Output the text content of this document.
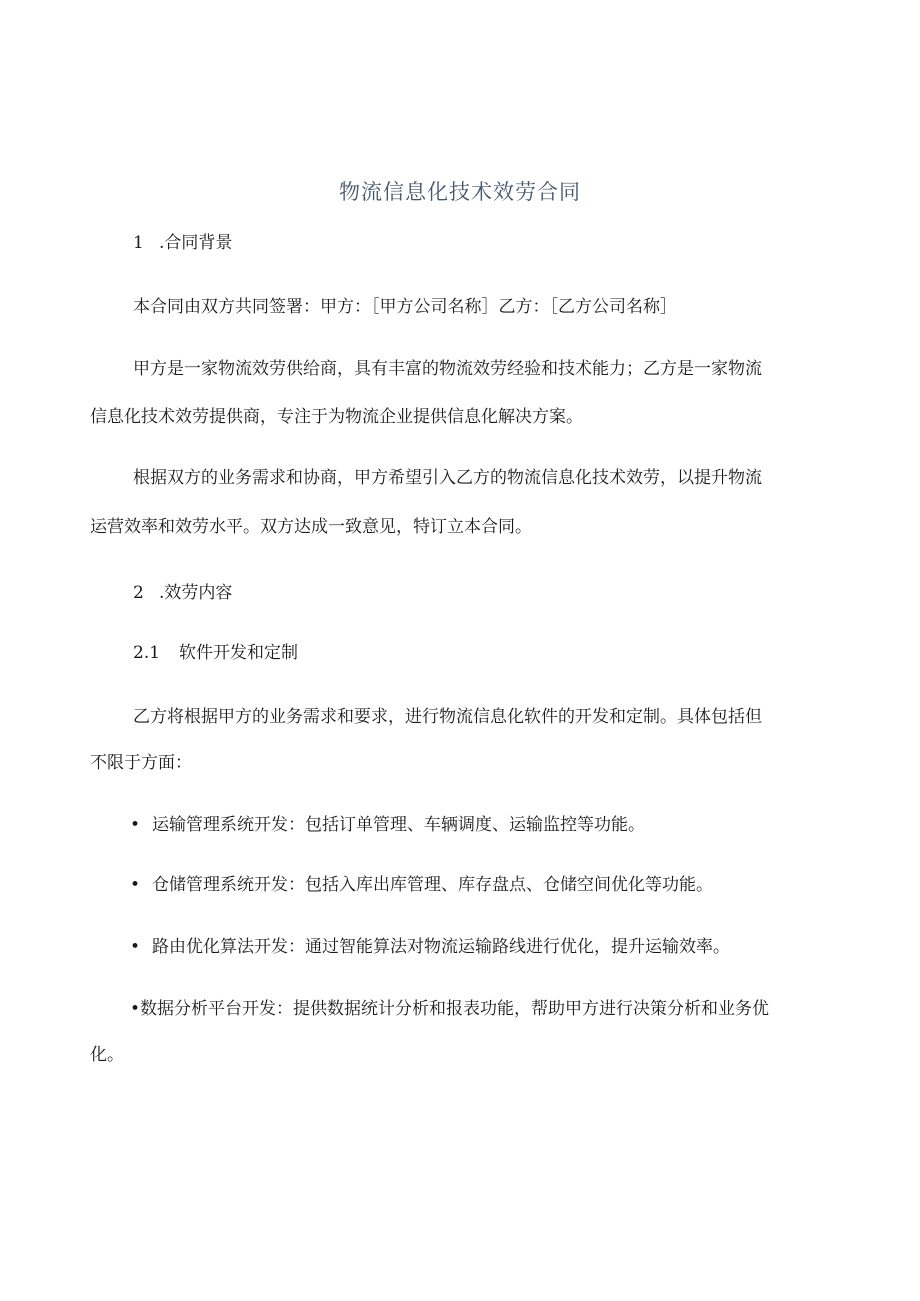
物流信息化技术效劳合同
1 .合同背景
本合同由双方共同签署：甲方：［甲方公司名称］乙方：［乙方公司名称］
甲方是一家物流效劳供给商，具有丰富的物流效劳经验和技术能力；乙方是一家物流
信息化技术效劳提供商，专注于为物流企业提供信息化解决方案。
根据双方的业务需求和协商，甲方希望引入乙方的物流信息化技术效劳，以提升物流
运营效率和效劳水平。双方达成一致意见，特订立本合同。
2 .效劳内容
2.1 软件开发和定制
乙方将根据甲方的业务需求和要求，进行物流信息化软件的开发和定制。具体包括但
不限于方面：
• 运输管理系统开发：包括订单管理、车辆调度、运输监控等功能。
• 仓储管理系统开发：包括入库出库管理、库存盘点、仓储空间优化等功能。
• 路由优化算法开发：通过智能算法对物流运输路线进行优化，提升运输效率。
•数据分析平台开发：提供数据统计分析和报表功能，帮助甲方进行决策分析和业务优
化。
